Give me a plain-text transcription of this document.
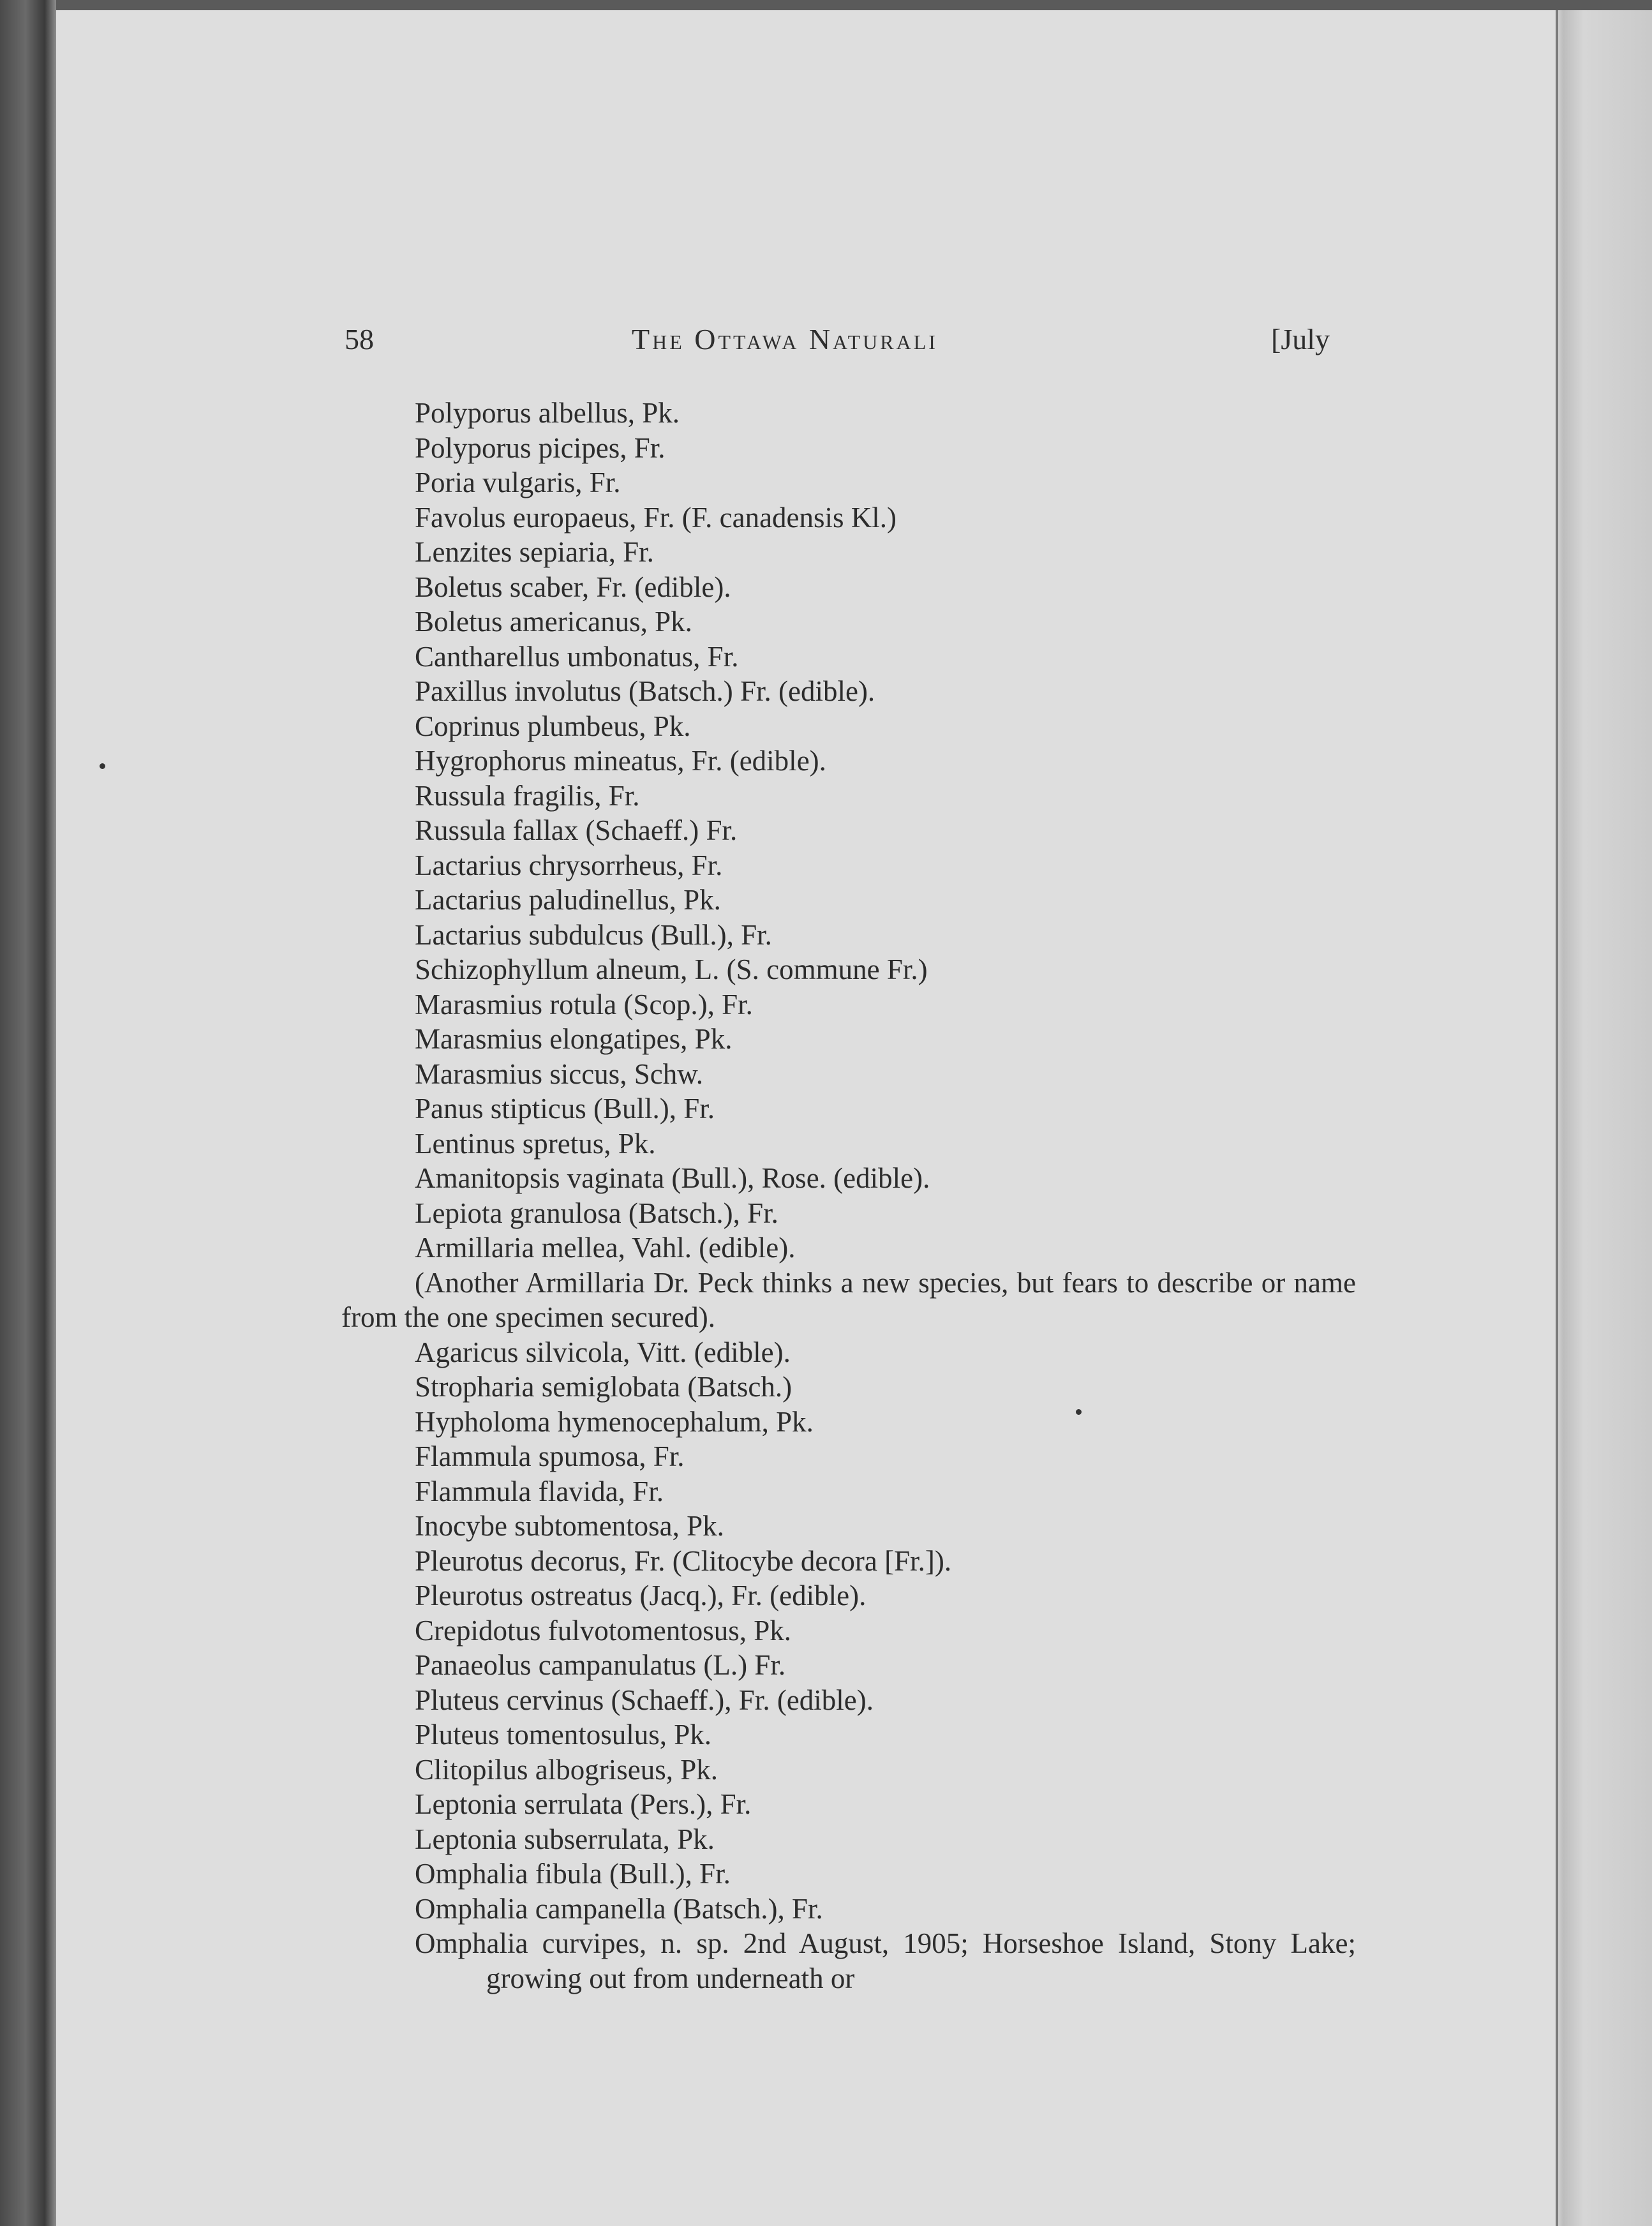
58	The Ottawa Naturali	[July
Polyporus albellus, Pk.
Polyporus picipes, Fr.
Poria vulgaris, Fr.
Favolus europaeus, Fr. (F. canadensis Kl.)
Lenzites sepiaria, Fr.
Boletus scaber, Fr. (edible).
Boletus americanus, Pk.
Cantharellus umbonatus, Fr.
Paxillus involutus (Batsch.) Fr. (edible).
Coprinus plumbeus, Pk.
Hygrophorus mineatus, Fr. (edible).
Russula fragilis, Fr.
Russula fallax (Schaeff.) Fr.
Lactarius chrysorrheus, Fr.
Lactarius paludinellus, Pk.
Lactarius subdulcus (Bull.), Fr.
Schizophyllum alneum, L. (S. commune Fr.)
Marasmius rotula (Scop.), Fr.
Marasmius elongatipes, Pk.
Marasmius siccus, Schw.
Panus stipticus (Bull.), Fr.
Lentinus spretus, Pk.
Amanitopsis vaginata (Bull.), Rose. (edible).
Lepiota granulosa (Batsch.), Fr.
Armillaria mellea, Vahl. (edible).
(Another Armillaria Dr. Peck thinks a new species, but fears to describe or name from the one specimen secured).
Agaricus silvicola, Vitt. (edible).
Stropharia semiglobata (Batsch.)
Hypholoma hymenocephalum, Pk.
Flammula spumosa, Fr.
Flammula flavida, Fr.
Inocybe subtomentosa, Pk.
Pleurotus decorus, Fr. (Clitocybe decora [Fr.]).
Pleurotus ostreatus (Jacq.), Fr. (edible).
Crepidotus fulvotomentosus, Pk.
Panaeolus campanulatus (L.) Fr.
Pluteus cervinus (Schaeff.), Fr. (edible).
Pluteus tomentosulus, Pk.
Clitopilus albogriseus, Pk.
Leptonia serrulata (Pers.), Fr.
Leptonia subserrulata, Pk.
Omphalia fibula (Bull.), Fr.
Omphalia campanella (Batsch.), Fr.
Omphalia curvipes, n. sp. 2nd August, 1905; Horseshoe Island, Stony Lake; growing out from underneath or
